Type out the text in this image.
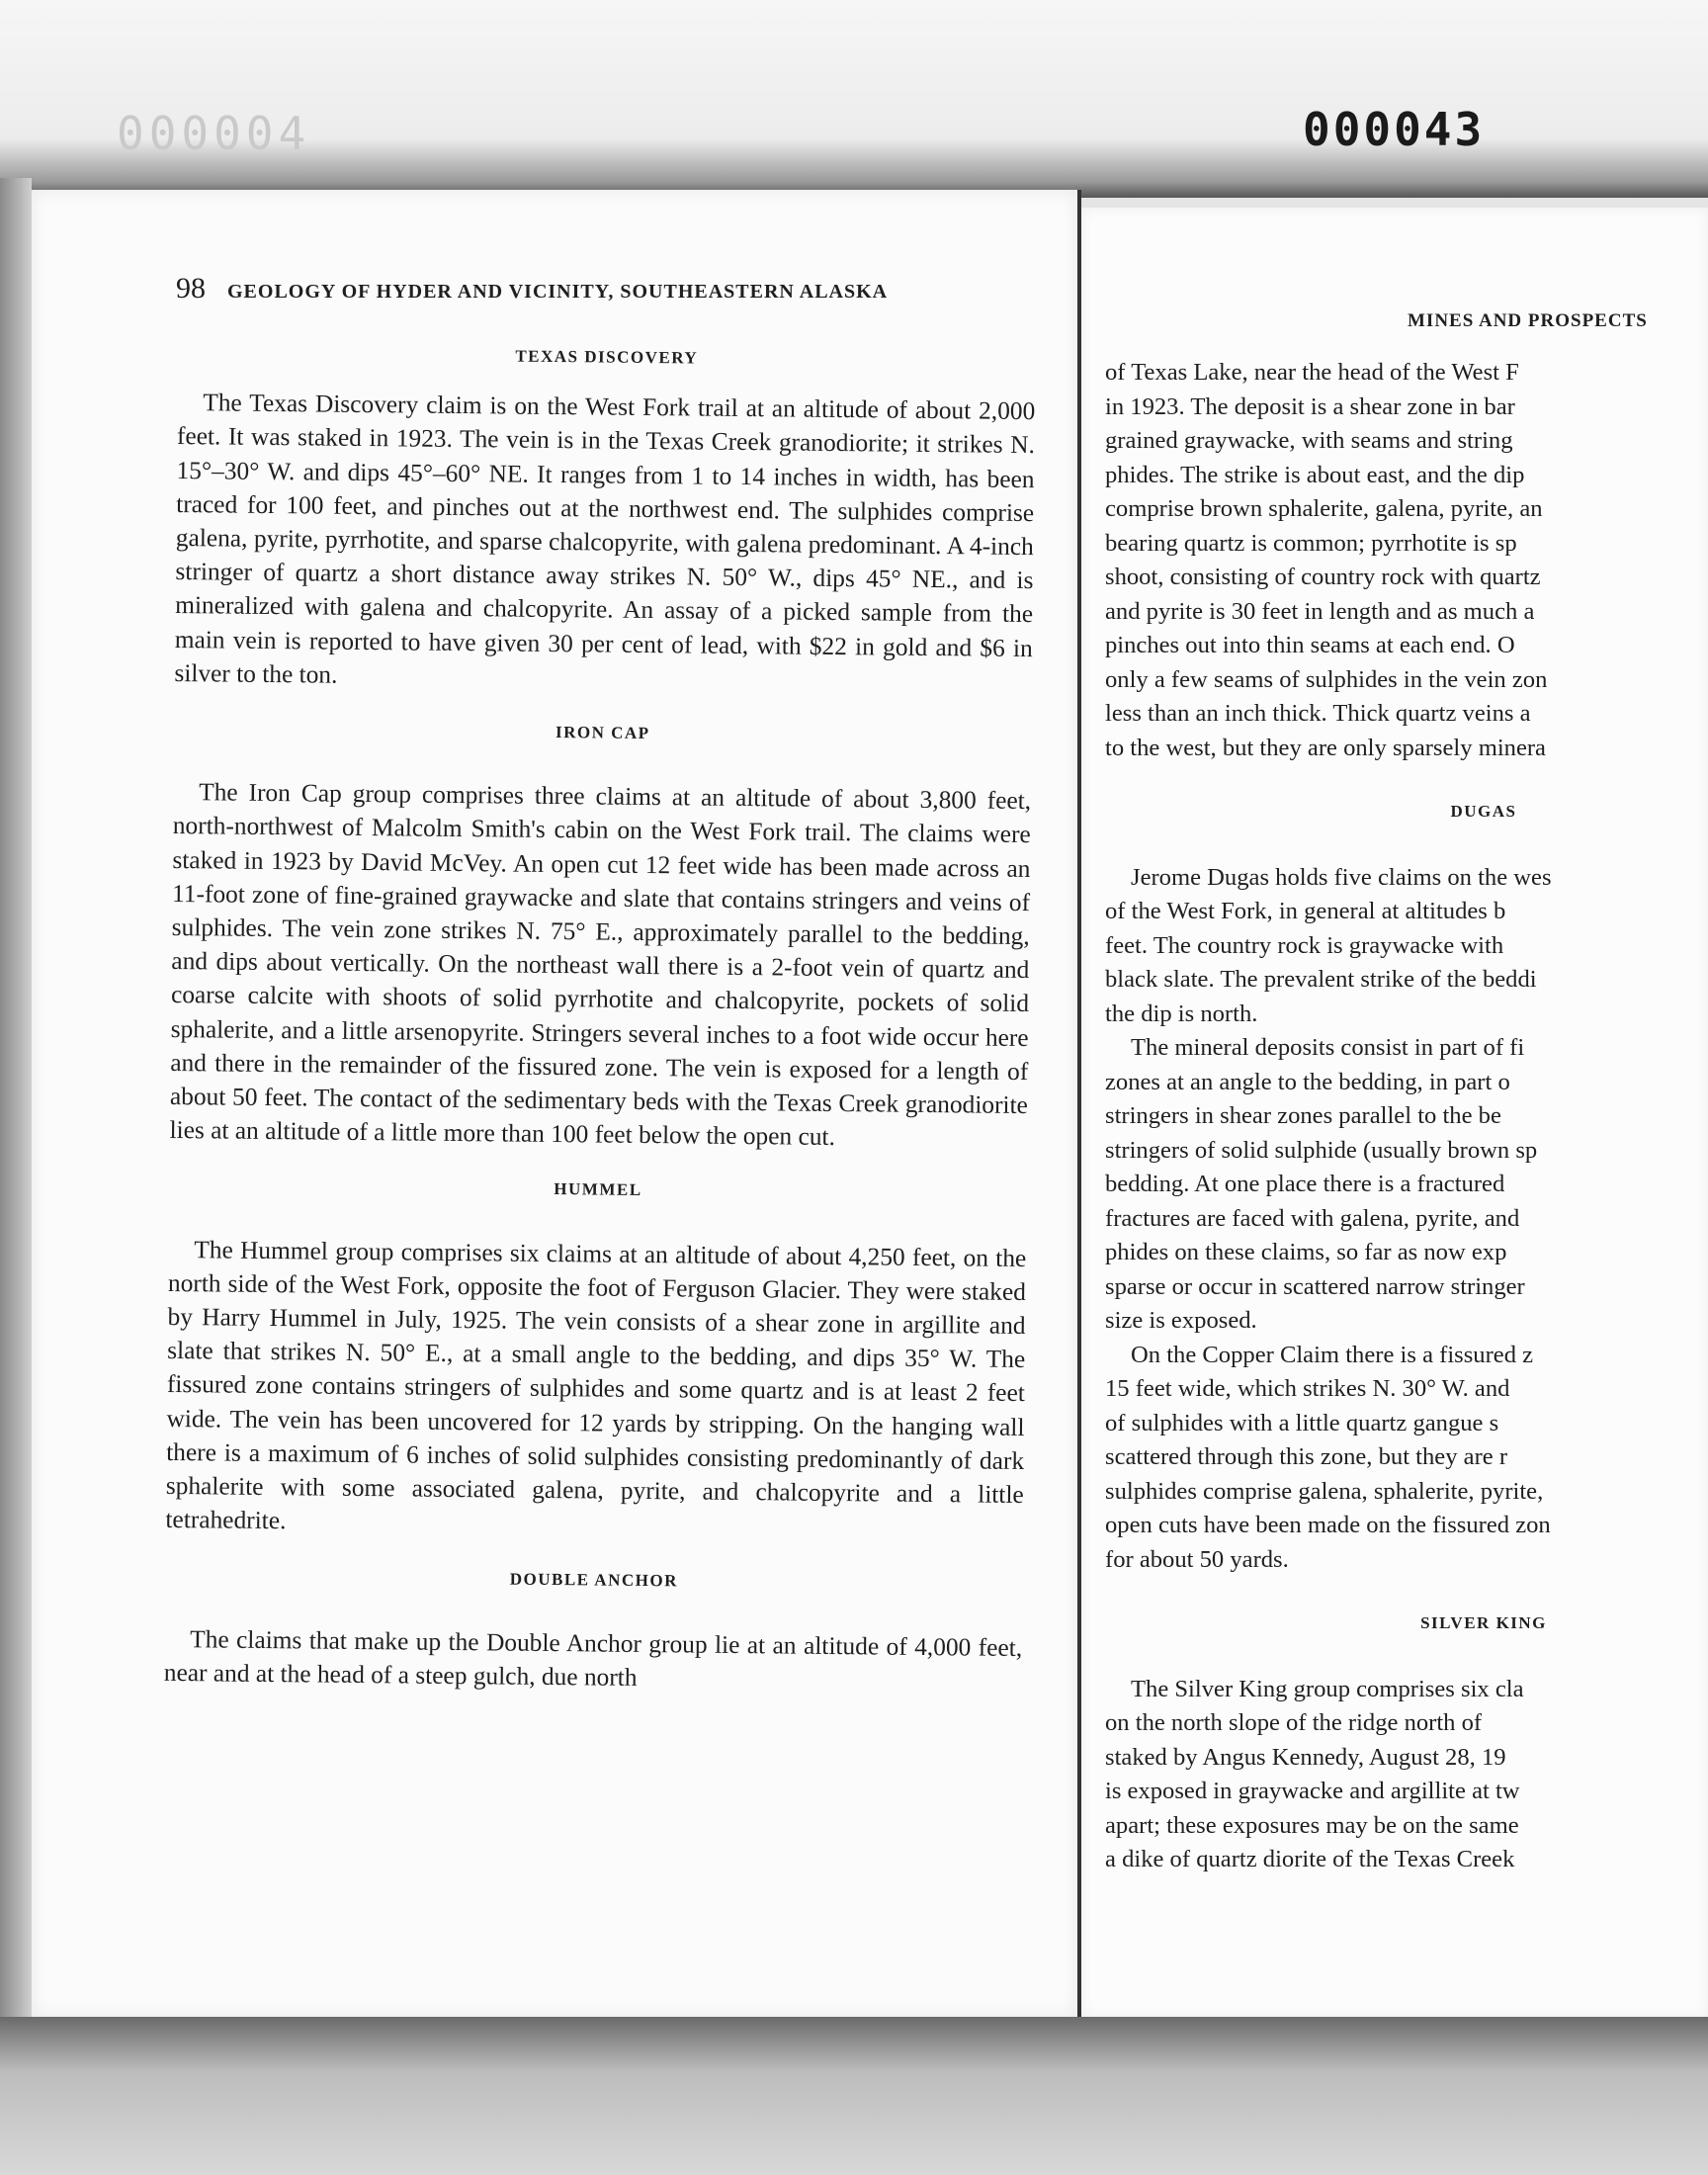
000004	000043
98 GEOLOGY OF HYDER AND VICINITY, SOUTHEASTERN ALASKA
MINES AND PROSPECTS
TEXAS DISCOVERY

The Texas Discovery claim is on the West Fork trail at an altitude of about 2,000 feet. It was staked in 1923. The vein is in the Texas Creek granodiorite; it strikes N. 15°–30° W. and dips 45°–60° NE. It ranges from 1 to 14 inches in width, has been traced for 100 feet, and pinches out at the northwest end. The sulphides comprise galena, pyrite, pyrrhotite, and sparse chalcopyrite, with galena predominant. A 4-inch stringer of quartz a short distance away strikes N. 50° W., dips 45° NE., and is mineralized with galena and chalcopyrite. An assay of a picked sample from the main vein is reported to have given 30 per cent of lead, with $22 in gold and $6 in silver to the ton.

IRON CAP

The Iron Cap group comprises three claims at an altitude of about 3,800 feet, north-northwest of Malcolm Smith's cabin on the West Fork trail. The claims were staked in 1923 by David McVey. An open cut 12 feet wide has been made across an 11-foot zone of fine-grained graywacke and slate that contains stringers and veins of sulphides. The vein zone strikes N. 75° E., approximately parallel to the bedding, and dips about vertically. On the northeast wall there is a 2-foot vein of quartz and coarse calcite with shoots of solid pyrrhotite and chalcopyrite, pockets of solid sphalerite, and a little arsenopyrite. Stringers several inches to a foot wide occur here and there in the remainder of the fissured zone. The vein is exposed for a length of about 50 feet. The contact of the sedimentary beds with the Texas Creek granodiorite lies at an altitude of a little more than 100 feet below the open cut.

HUMMEL

The Hummel group comprises six claims at an altitude of about 4,250 feet, on the north side of the West Fork, opposite the foot of Ferguson Glacier. They were staked by Harry Hummel in July, 1925. The vein consists of a shear zone in argillite and slate that strikes N. 50° E., at a small angle to the bedding, and dips 35° W. The fissured zone contains stringers of sulphides and some quartz and is at least 2 feet wide. The vein has been uncovered for 12 yards by stripping. On the hanging wall there is a maximum of 6 inches of solid sulphides consisting predominantly of dark sphalerite with some associated galena, pyrite, and chalcopyrite and a little tetrahedrite.

DOUBLE ANCHOR

The claims that make up the Double Anchor group lie at an altitude of 4,000 feet, near and at the head of a steep gulch, due north

of Texas Lake, near the head of the West F
in 1923. The deposit is a shear zone in bar
grained graywacke, with seams and string
phides. The strike is about east, and the dip
comprise brown sphalerite, galena, pyrite, an
bearing quartz is common; pyrrhotite is sp
shoot, consisting of country rock with quartz
and pyrite is 30 feet in length and as much a
pinches out into thin seams at each end. O
only a few seams of sulphides in the vein zon
less than an inch thick. Thick quartz veins a
to the west, but they are only sparsely minera
DUGAS
Jerome Dugas holds five claims on the wes
of the West Fork, in general at altitudes b
feet. The country rock is graywacke with
black slate. The prevalent strike of the beddi
the dip is north.
The mineral deposits consist in part of fi
zones at an angle to the bedding, in part o
stringers in shear zones parallel to the be
stringers of solid sulphide (usually brown sp
bedding. At one place there is a fractured
fractures are faced with galena, pyrite, and
phides on these claims, so far as now exp
sparse or occur in scattered narrow stringer
size is exposed.
On the Copper Claim there is a fissured z
15 feet wide, which strikes N. 30° W. and
of sulphides with a little quartz gangue s
scattered through this zone, but they are r
sulphides comprise galena, sphalerite, pyrite,
open cuts have been made on the fissured zon
for about 50 yards.
SILVER KING
The Silver King group comprises six cla
on the north slope of the ridge north of
staked by Angus Kennedy, August 28, 19
is exposed in graywacke and argillite at tw
apart; these exposures may be on the same
a dike of quartz diorite of the Texas Creek
